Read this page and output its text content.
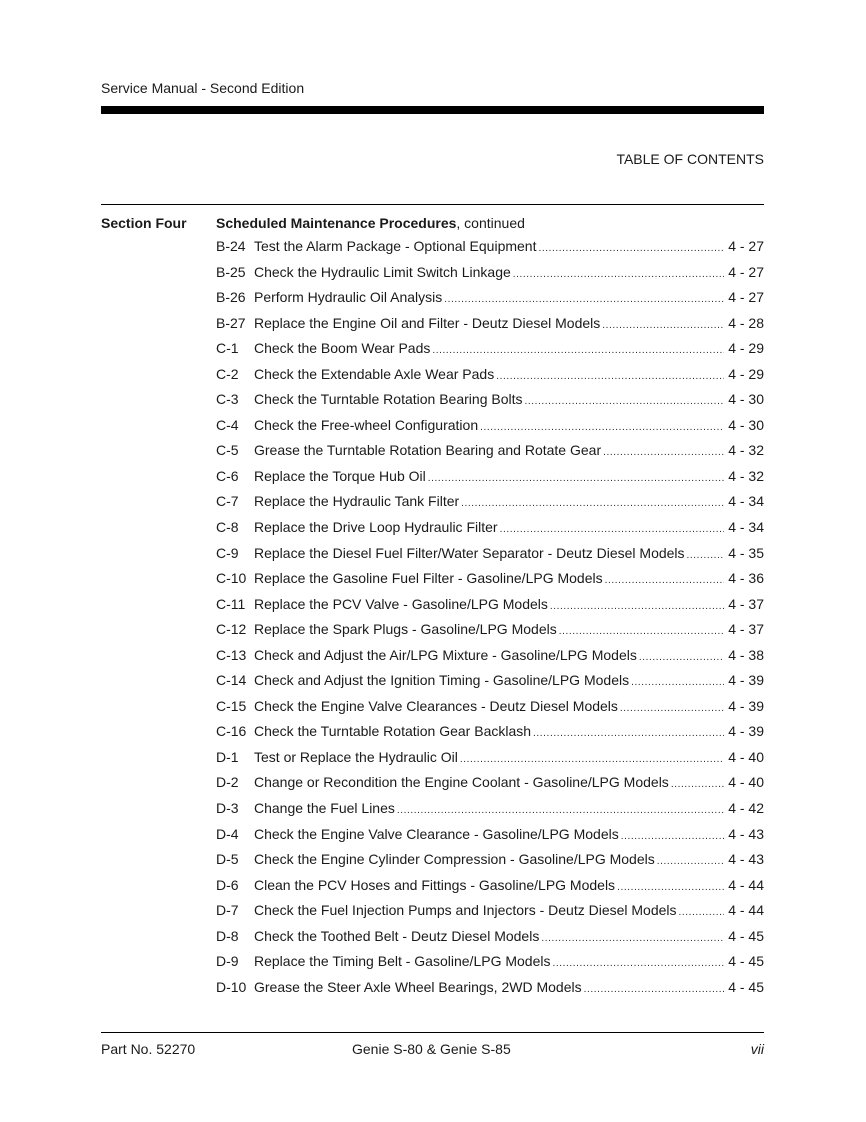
Service Manual - Second Edition
TABLE OF CONTENTS
Section Four Scheduled Maintenance Procedures, continued
B-24 Test the Alarm Package - Optional Equipment .....	4 - 27
B-25 Check the Hydraulic Limit Switch Linkage .....	4 - 27
B-26 Perform Hydraulic Oil Analysis .....	4 - 27
B-27 Replace the Engine Oil and Filter - Deutz Diesel Models .....	4 - 28
C-1	Check the Boom Wear Pads .....	4 - 29
C-2	Check the Extendable Axle Wear Pads .....	4 - 29
C-3	Check the Turntable Rotation Bearing Bolts .....	4 - 30
C-4	Check the Free-wheel Configuration .....	4 - 30
C-5	Grease the Turntable Rotation Bearing and Rotate Gear .....	4 - 32
C-6	Replace the Torque Hub Oil .....	4 - 32
C-7	Replace the Hydraulic Tank Filter .....	4 - 34
C-8	Replace the Drive Loop Hydraulic Filter .....	4 - 34
C-9	Replace the Diesel Fuel Filter/Water Separator - Deutz Diesel Models .....	4 - 35
C-10 Replace the Gasoline Fuel Filter - Gasoline/LPG Models .....	4 - 36
C-11 Replace the PCV Valve - Gasoline/LPG Models .....	4 - 37
C-12 Replace the Spark Plugs - Gasoline/LPG Models .....	4 - 37
C-13 Check and Adjust the Air/LPG Mixture - Gasoline/LPG Models .....	4 - 38
C-14 Check and Adjust the Ignition Timing - Gasoline/LPG Models .....	4 - 39
C-15 Check the Engine Valve Clearances - Deutz Diesel Models .....	4 - 39
C-16 Check the Turntable Rotation Gear Backlash .....	4 - 39
D-1	Test or Replace the Hydraulic Oil .....	4 - 40
D-2	Change or Recondition the Engine Coolant - Gasoline/LPG Models .....	4 - 40
D-3	Change the Fuel Lines .....	4 - 42
D-4	Check the Engine Valve Clearance - Gasoline/LPG Models .....	4 - 43
D-5	Check the Engine Cylinder Compression - Gasoline/LPG Models .....	4 - 43
D-6	Clean the PCV Hoses and Fittings - Gasoline/LPG Models .....	4 - 44
D-7	Check the Fuel Injection Pumps and Injectors - Deutz Diesel Models .....	4 - 44
D-8	Check the Toothed Belt - Deutz Diesel Models .....	4 - 45
D-9	Replace the Timing Belt - Gasoline/LPG Models .....	4 - 45
D-10 Grease the Steer Axle Wheel Bearings, 2WD Models .....	4 - 45
Part No. 52270	Genie S-80 & Genie S-85	vii
